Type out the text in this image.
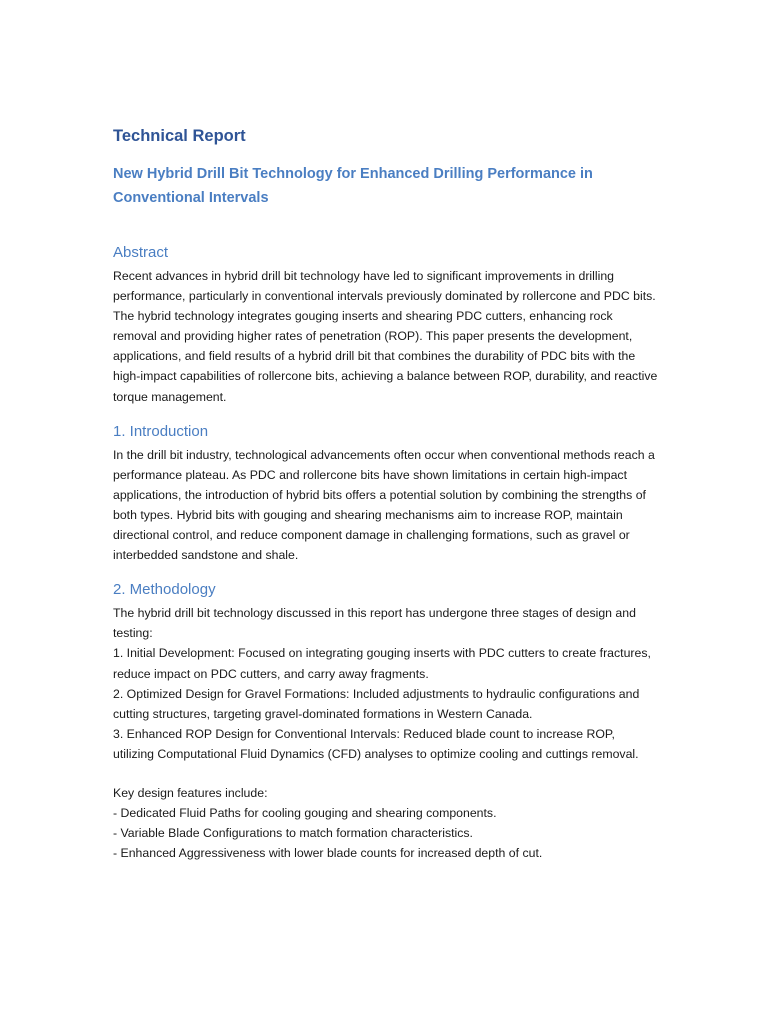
Technical Report
New Hybrid Drill Bit Technology for Enhanced Drilling Performance in
Conventional Intervals
Abstract

Recent advances in hybrid drill bit technology have led to significant improvements in drilling performance, particularly in conventional intervals previously dominated by rollercone and PDC bits. The hybrid technology integrates gouging inserts and shearing PDC cutters, enhancing rock removal and providing higher rates of penetration (ROP). This paper presents the development, applications, and field results of a hybrid drill bit that combines the durability of PDC bits with the high-impact capabilities of rollercone bits, achieving a balance between ROP, durability, and reactive torque management.

1. Introduction

In the drill bit industry, technological advancements often occur when conventional methods reach a performance plateau. As PDC and rollercone bits have shown limitations in certain high-impact applications, the introduction of hybrid bits offers a potential solution by combining the strengths of both types. Hybrid bits with gouging and shearing mechanisms aim to increase ROP, maintain directional control, and reduce component damage in challenging formations, such as gravel or interbedded sandstone and shale.

2. Methodology

The hybrid drill bit technology discussed in this report has undergone three stages of design and testing:

1. Initial Development: Focused on integrating gouging inserts with PDC cutters to create fractures, reduce impact on PDC cutters, and carry away fragments.

2. Optimized Design for Gravel Formations: Included adjustments to hydraulic configurations and cutting structures, targeting gravel-dominated formations in Western Canada.

3. Enhanced ROP Design for Conventional Intervals: Reduced blade count to increase ROP, utilizing Computational Fluid Dynamics (CFD) analyses to optimize cooling and cuttings removal.

Key design features include:
- Dedicated Fluid Paths for cooling gouging and shearing components.
- Variable Blade Configurations to match formation characteristics.
- Enhanced Aggressiveness with lower blade counts for increased depth of cut.
